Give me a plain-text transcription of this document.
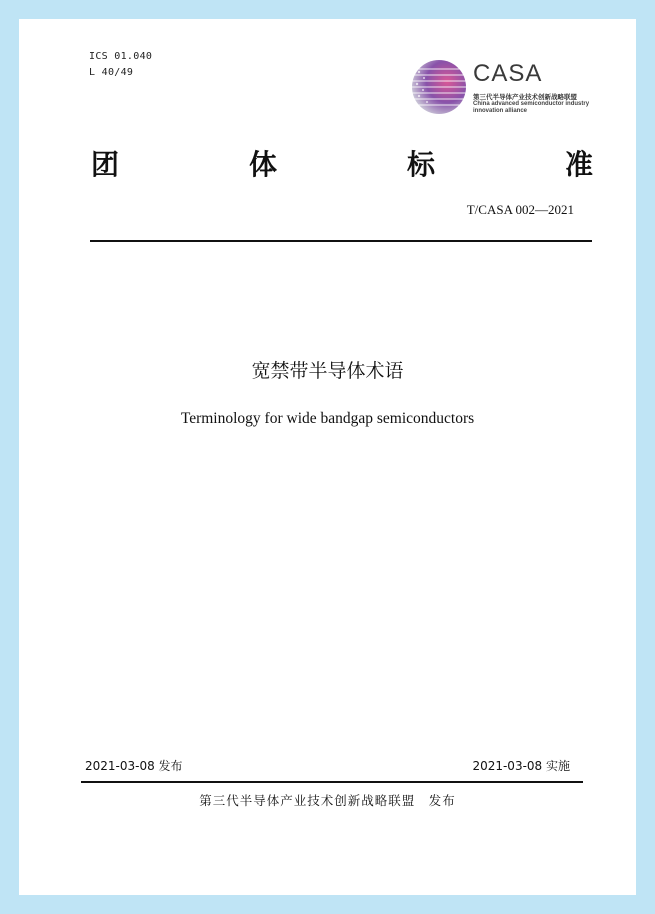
ICS 01.040
L 40/49	CASA
第三代半导体产业技术创新战略联盟
China advanced semiconductor industry
innovation alliance
团	体	标	准
T/CASA 002—2021
宽禁带半导体术语
Terminology for wide bandgap semiconductors
2021-03-08 发布	2021-03-08 实施
第三代半导体产业技术创新战略联盟　发布
